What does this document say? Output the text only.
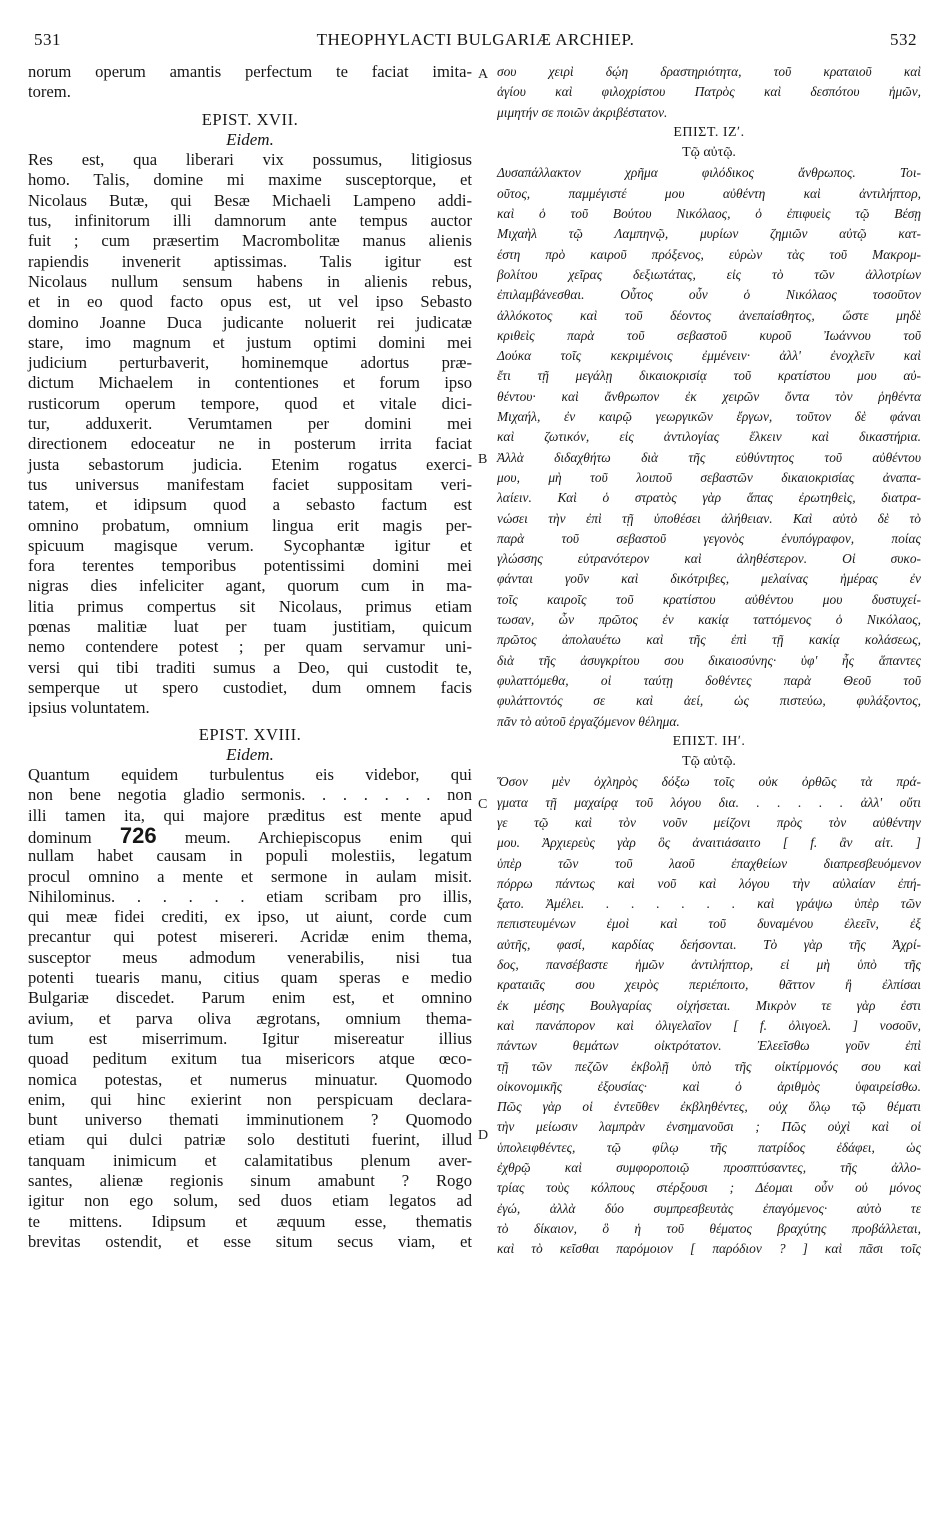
531	THEOPHYLACTI BULGARIÆ ARCHIEP.	532
A
B
C
D
norum operum amantis perfectum te faciat imita-
torem.
EPIST. XVII.
Eidem.
Res est, qua liberari vix possumus, litigiosus
homo. Talis, domine mi maxime susceptorque, et
Nicolaus Butæ, qui Besæ Michaeli Lampeno addi-
tus, infinitorum illi damnorum ante tempus auctor
fuit ; cum præsertim Macrombolitæ manus alienis
rapiendis invenerit aptissimas. Talis igitur est
Nicolaus nullum sensum habens in alienis rebus,
et in eo quod facto opus est, ut vel ipso Sebasto
domino Joanne Duca judicante noluerit rei judicatæ
stare, imo magnum et justum optimi domini mei
judicium perturbaverit, hominemque adortus præ-
dictum Michaelem in contentiones et forum ipso
rusticorum operum tempore, quod et vitale dici-
tur, adduxerit. Verumtamen per domini mei
directionem edoceatur ne in posterum irrita faciat
justa sebastorum judicia. Etenim rogatus exerci-
tus universus manifestam faciet suppositam veri-
tatem, et idipsum quod a sebasto factum est
omnino probatum, omnium lingua erit magis per-
spicuum magisque verum. Sycophantæ igitur et
fora terentes temporibus potentissimi domini mei
nigras dies infeliciter agant, quorum cum in ma-
litia primus compertus sit Nicolaus, primus etiam
pœnas malitiæ luat per tuam justitiam, quicum
nemo contendere potest ; per quam servamur uni-
versi qui tibi traditi sumus a Deo, qui custodit te,
semperque ut spero custodiet, dum omnem facis
ipsius voluntatem.
EPIST. XVIII.
Eidem.
Quantum equidem turbulentus eis videbor, qui
non bene negotia gladio sermonis. . . . . . . non
illi tamen ita, qui majore præditus est mente apud
dominum 726 meum. Archiepiscopus enim qui
nullam habet causam in populi molestiis, legatum
procul omnino a mente et sermone in aulam misit.
Nihilominus. . . . . . etiam scribam pro illis,
qui meæ fidei crediti, ex ipso, ut aiunt, corde cum
precantur qui potest misereri. Acridæ enim thema,
susceptor meus admodum venerabilis, nisi tua
potenti tuearis manu, citius quam speras e medio
Bulgariæ discedet. Parum enim est, et omnino
avium, et parva oliva ægrotans, omnium thema-
tum est miserrimum. Igitur misereatur illius
quoad peditum exitum tua misericors atque œco-
nomica potestas, et numerus minuatur. Quomodo
enim, qui hinc exierint non perspicuam declara-
bunt universo themati imminutionem ? Quomodo
etiam qui dulci patriæ solo destituti fuerint, illud
tanquam inimicum et calamitatibus plenum aver-
santes, alienæ regionis sinum amabunt ? Rogo
igitur non ego solum, sed duos etiam legatos ad
te mittens. Idipsum et æquum esse, thematis
brevitas ostendit, et esse situm secus viam, et
σου χειρὶ δῴη δραστηριότητα, τοῦ κραταιοῦ καὶ
ἁγίου καὶ φιλοχρίστου Πατρὸς καὶ δεσπότου ἡμῶν,
μιμητήν σε ποιῶν ἀκριβέστατον.
ΕΠΙΣΤ. ΙΖʹ.
Τῷ αὐτῷ.
Δυσαπάλλακτον χρῆμα φιλόδικος ἄνθρωπος. Τοι-
οῦτος, παμμέγιστέ μου αὐθέντη καὶ ἀντιλήπτορ,
καὶ ὁ τοῦ Βούτου Νικόλαος, ὁ ἐπιφυεὶς τῷ Βέσῃ
Μιχαὴλ τῷ Λαμπηνῷ, μυρίων ζημιῶν αὐτῷ κατ-
έστη πρὸ καιροῦ πρόξενος, εὑρὼν τὰς τοῦ Μακρομ-
βολίτου χεῖρας δεξιωτάτας, εἰς τὸ τῶν ἀλλοτρίων
ἐπιλαμβάνεσθαι. Οὗτος οὖν ὁ Νικόλαος τοσοῦτον
ἀλλόκοτος καὶ τοῦ δέοντος ἀνεπαίσθητος, ὥστε μηδὲ
κριθεὶς παρὰ τοῦ σεβαστοῦ κυροῦ Ἰωάννου τοῦ
Δούκα τοῖς κεκριμένοις ἐμμένειν· ἀλλ' ἐνοχλεῖν καὶ
ἔτι τῇ μεγάλῃ δικαιοκρισίᾳ τοῦ κρατίστου μου αὐ-
θέντου· καὶ ἄνθρωπον ἐκ χειρῶν ὄντα τὸν ῥηθέντα
Μιχαήλ, ἐν καιρῷ γεωργικῶν ἔργων, τοῦτον δὲ φάναι
καὶ ζωτικόν, εἰς ἀντιλογίας ἕλκειν καὶ δικαστήρια.
Ἀλλὰ διδαχθήτω διὰ τῆς εὐθύντητος τοῦ αὐθέντου
μου, μὴ τοῦ λοιποῦ σεβαστῶν δικαιοκρισίας ἀναπα-
λαίειν. Καὶ ὁ στρατὸς γὰρ ἅπας ἐρωτηθεὶς, διατρα-
νώσει τὴν ἐπὶ τῇ ὑποθέσει ἀλήθειαν. Καὶ αὐτὸ δὲ τὸ
παρὰ τοῦ σεβαστοῦ γεγονὸς ἐνυπόγραφον, ποίας
γλώσσης εὐτρανότερον καὶ ἀληθέστερον. Οἱ συκο-
φάνται γοῦν καὶ δικότριβες, μελαίνας ἡμέρας ἐν
τοῖς καιροῖς τοῦ κρατίστου αὐθέντου μου δυστυχεί-
τωσαν, ὧν πρῶτος ἐν κακίᾳ ταττόμενος ὁ Νικόλαος,
πρῶτος ἀπολαυέτω καὶ τῆς ἐπὶ τῇ κακίᾳ κολάσεως,
διὰ τῆς ἀσυγκρίτου σου δικαιοσύνης· ὑφ' ἧς ἅπαντες
φυλαττόμεθα, οἱ ταύτῃ δοθέντες παρὰ Θεοῦ τοῦ
φυλάττοντός σε καὶ ἀεί, ὡς πιστεύω, φυλάξοντος,
πᾶν τὸ αὐτοῦ ἐργαζόμενον θέλημα.
ΕΠΙΣΤ. ΙΗʹ.
Τῷ αὐτῷ.
Ὅσον μὲν ὀχληρὸς δόξω τοῖς οὐκ ὀρθῶς τὰ πρά-
γματα τῇ μαχαίρᾳ τοῦ λόγου δια. . . . . . ἀλλ' οὔτι
γε τῷ καὶ τὸν νοῦν μείζονι πρὸς τὸν αὐθέντην
μου. Ἀρχιερεὺς γὰρ ὃς ἀναιτιάσαιτο [ f. ἂν αἰτ. ]
ὑπὲρ τῶν τοῦ λαοῦ ἐπαχθείων διαπρεσβευόμενον
πόρρω πάντως καὶ νοῦ καὶ λόγου τὴν αὐλαίαν ἐπή-
ξατο. Ἀμέλει. . . . . . . καὶ γράψω ὑπὲρ τῶν
πεπιστευμένων ἐμοὶ καὶ τοῦ δυναμένου ἐλεεῖν, ἐξ
αὐτῆς, φασί, καρδίας δεήσονται. Τὸ γὰρ τῆς Ἀχρί-
δος, πανσέβαστε ἡμῶν ἀντιλήπτορ, εἰ μὴ ὑπὸ τῆς
κραταιᾶς σου χειρὸς περιέποιτο, θᾶττον ἢ ἐλπίσαι
ἐκ μέσης Βουλγαρίας οἰχήσεται. Μικρὸν τε γὰρ ἐστι
καὶ πανάπορον καὶ ὀλιγελαῖον [ f. ὀλιγοελ. ] νοσοῦν,
πάντων θεμάτων οἰκτρότατον. Ἐλεεῖσθω γοῦν ἐπὶ
τῇ τῶν πεζῶν ἐκβολῇ ὑπὸ τῆς οἰκτίρμονός σου καὶ
οἰκονομικῆς ἐξουσίας· καὶ ὁ ἀριθμὸς ὑφαιρείσθω.
Πῶς γὰρ οἱ ἐντεῦθεν ἐκβληθέντες, οὐχ ὅλῳ τῷ θέματι
τὴν μείωσιν λαμπρὰν ἐνσημανοῦσι ; Πῶς οὐχὶ καὶ οἱ
ὑπολειφθέντες, τῷ φίλῳ τῆς πατρίδος ἐδάφει, ὡς
ἐχθρῷ καὶ συμφοροποιῷ προσπτύσαντες, τῆς ἀλλο-
τρίας τοὺς κόλπους στέρξουσι ; Δέομαι οὖν οὐ μόνος
ἐγώ, ἀλλὰ δύο συμπρεσβευτὰς ἐπαγόμενος· αὐτὸ τε
τὸ δίκαιον, ὃ ἡ τοῦ θέματος βραχύτης προβάλλεται,
καὶ τὸ κεῖσθαι παρόμοιον [ παρόδιον ? ] καὶ πᾶσι τοῖς
